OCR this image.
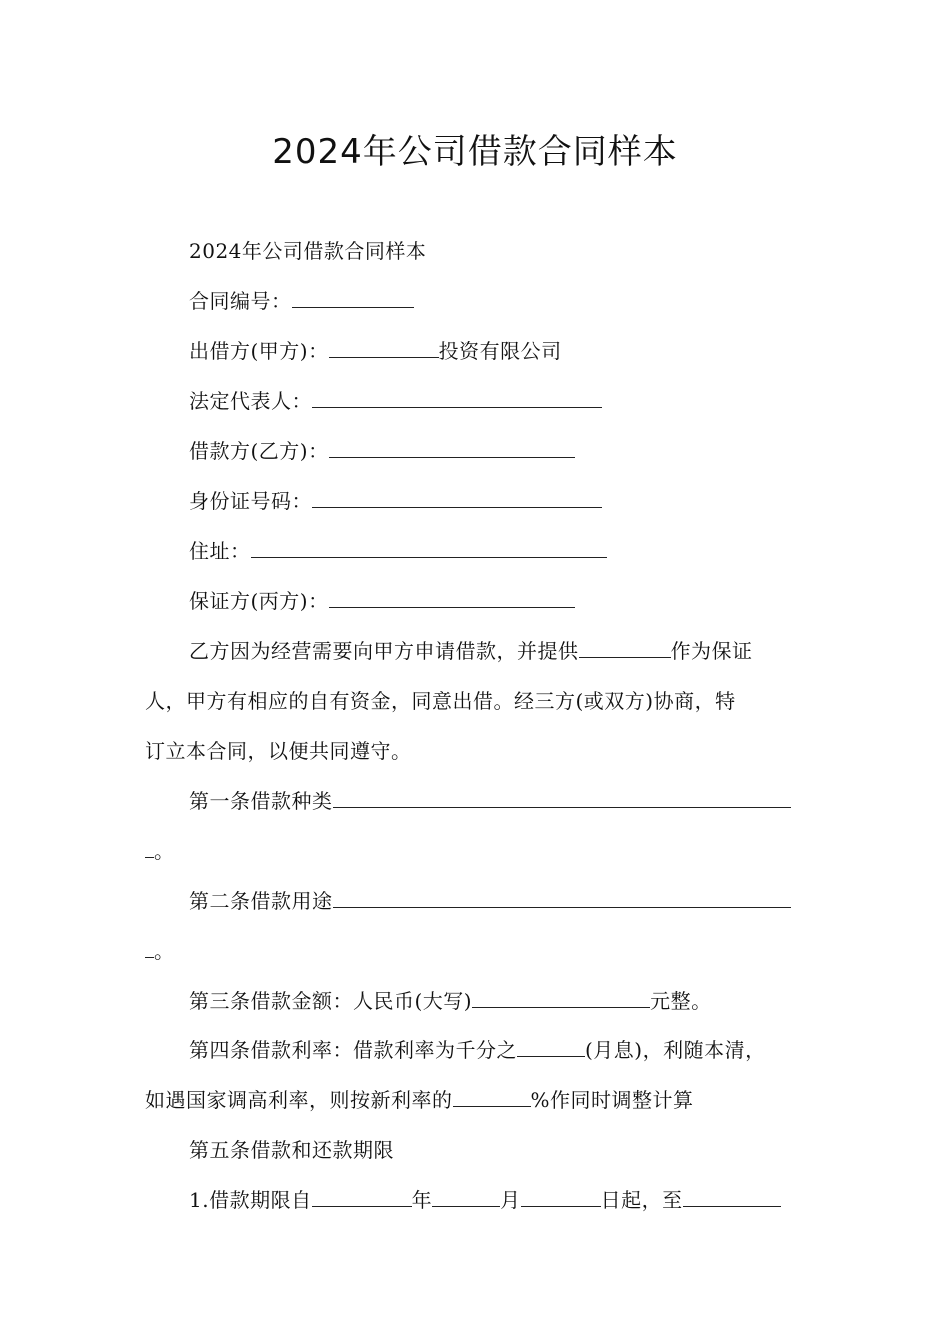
2024年公司借款合同样本
2024年公司借款合同样本
合同编号：
出借方(甲方)：	投资有限公司
法定代表人：
借款方(乙方)：
身份证号码：
住址：
保证方(丙方)：
乙方因为经营需要向甲方申请借款，并提供	作为保证
人，甲方有相应的自有资金，同意出借。经三方(或双方)协商，特
订立本合同，以便共同遵守。
第一条借款种类
。
第二条借款用途
。
第三条借款金额：人民币(大写)	元整。
第四条借款利率：借款利率为千分之	(月息)，利随本清，
如遇国家调高利率，则按新利率的	%作同时调整计算
第五条借款和还款期限
1.借款期限自	年	月	日起，至
